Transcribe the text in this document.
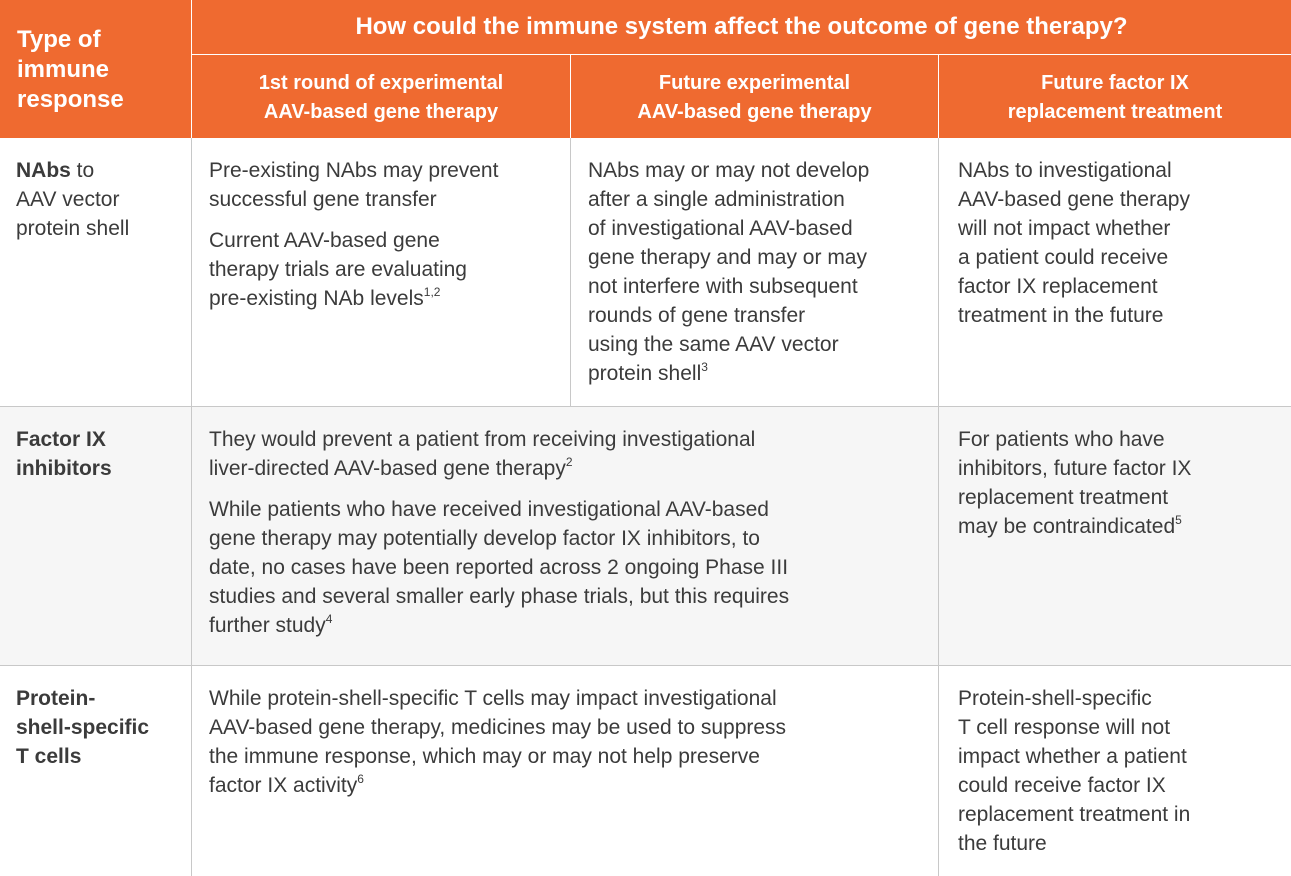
Type of
immune
response
How could the immune system affect the outcome of gene therapy?
1st round of experimental
AAV-based gene therapy
Future experimental
AAV-based gene therapy
Future factor IX
replacement treatment

NAbs to
AAV vector
protein shell

Pre-existing NAbs may prevent
successful gene transfer

Current AAV-based gene
therapy trials are evaluating
pre-existing NAb levels$^{1,2}$

NAbs may or may not develop
after a single administration
of investigational AAV-based
gene therapy and may or may
not interfere with subsequent
rounds of gene transfer
using the same AAV vector
protein shell$^3$

NAbs to investigational
AAV-based gene therapy
will not impact whether
a patient could receive
factor IX replacement
treatment in the future

Factor IX
inhibitors

They would prevent a patient from receiving investigational
liver-directed AAV-based gene therapy$^2$

While patients who have received investigational AAV-based
gene therapy may potentially develop factor IX inhibitors, to
date, no cases have been reported across 2 ongoing Phase III
studies and several smaller early phase trials, but this requires
further study$^4$

For patients who have
inhibitors, future factor IX
replacement treatment
may be contraindicated$^5$

Protein-
shell-specific
T cells

While protein-shell-specific T cells may impact investigational
AAV-based gene therapy, medicines may be used to suppress
the immune response, which may or may not help preserve
factor IX activity$^6$

Protein-shell-specific
T cell response will not
impact whether a patient
could receive factor IX
replacement treatment in
the future
